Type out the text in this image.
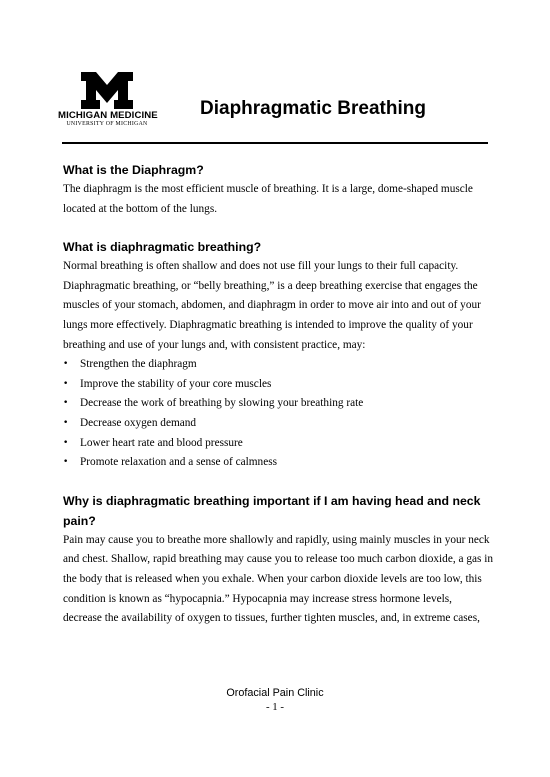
MICHIGAN MEDICINE
UNIVERSITY OF MICHIGAN
Diaphragmatic Breathing
What is the Diaphragm?

The diaphragm is the most efficient muscle of breathing. It is a large, dome-shaped muscle located at the bottom of the lungs.

What is diaphragmatic breathing?

Normal breathing is often shallow and does not use fill your lungs to their full capacity. Diaphragmatic breathing, or “belly breathing,” is a deep breathing exercise that engages the muscles of your stomach, abdomen, and diaphragm in order to move air into and out of your lungs more effectively. Diaphragmatic breathing is intended to improve the quality of your breathing and use of your lungs and, with consistent practice, may:

• Strengthen the diaphragm
• Improve the stability of your core muscles
• Decrease the work of breathing by slowing your breathing rate
• Decrease oxygen demand
• Lower heart rate and blood pressure
• Promote relaxation and a sense of calmness
Why is diaphragmatic breathing important if I am having head and neck pain?

Pain may cause you to breathe more shallowly and rapidly, using mainly muscles in your neck and chest. Shallow, rapid breathing may cause you to release too much carbon dioxide, a gas in the body that is released when you exhale. When your carbon dioxide levels are too low, this condition is known as “hypocapnia.” Hypocapnia may increase stress hormone levels, decrease the availability of oxygen to tissues, further tighten muscles, and, in extreme cases,

Orofacial Pain Clinic
- 1 -
